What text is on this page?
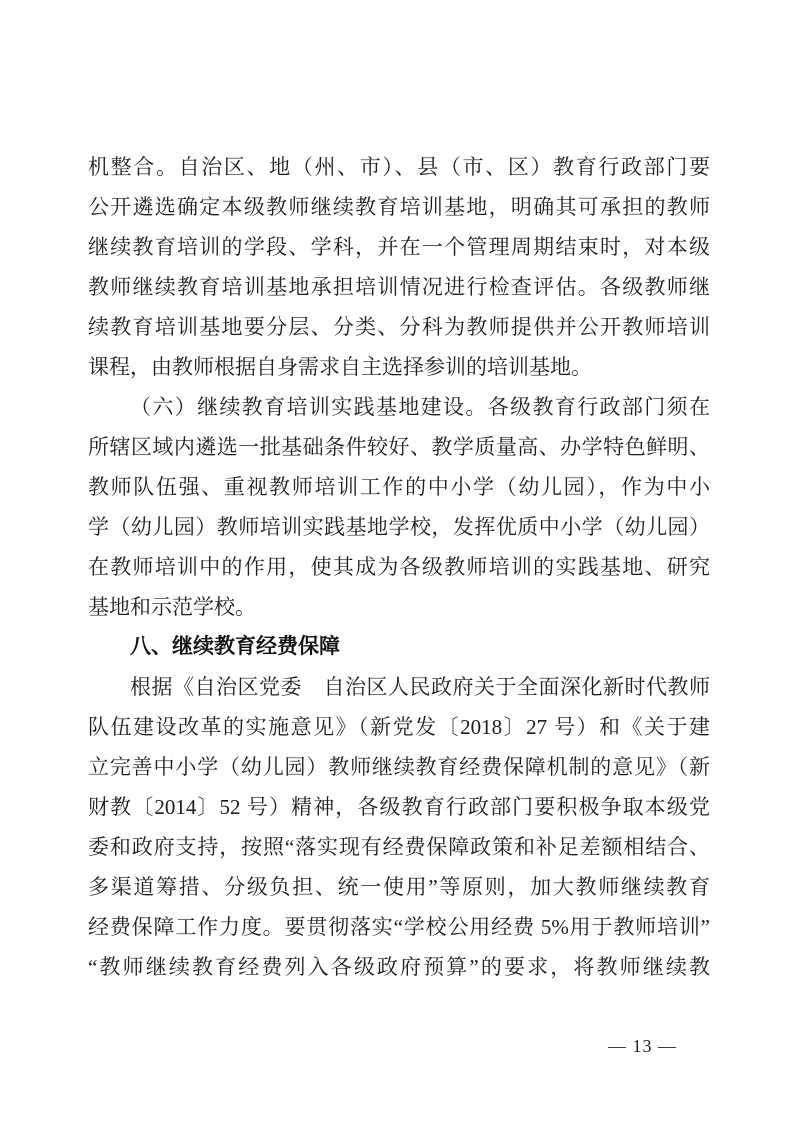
机整合。自治区、地（州、市）、县（市、区）教育行政部门要
公开遴选确定本级教师继续教育培训基地，明确其可承担的教师
继续教育培训的学段、学科，并在一个管理周期结束时，对本级
教师继续教育培训基地承担培训情况进行检查评估。各级教师继
续教育培训基地要分层、分类、分科为教师提供并公开教师培训
课程，由教师根据自身需求自主选择参训的培训基地。
（六）继续教育培训实践基地建设。各级教育行政部门须在
所辖区域内遴选一批基础条件较好、教学质量高、办学特色鲜明、
教师队伍强、重视教师培训工作的中小学（幼儿园），作为中小
学（幼儿园）教师培训实践基地学校，发挥优质中小学（幼儿园）
在教师培训中的作用，使其成为各级教师培训的实践基地、研究
基地和示范学校。
八、继续教育经费保障
根据《自治区党委　自治区人民政府关于全面深化新时代教师
队伍建设改革的实施意见》（新党发〔2018〕27 号）和《关于建
立完善中小学（幼儿园）教师继续教育经费保障机制的意见》（新
财教〔2014〕52 号）精神，各级教育行政部门要积极争取本级党
委和政府支持，按照“落实现有经费保障政策和补足差额相结合、
多渠道筹措、分级负担、统一使用”等原则，加大教师继续教育
经费保障工作力度。要贯彻落实“学校公用经费 5%用于教师培训”
“教师继续教育经费列入各级政府预算”的要求，将教师继续教
— 13 —
